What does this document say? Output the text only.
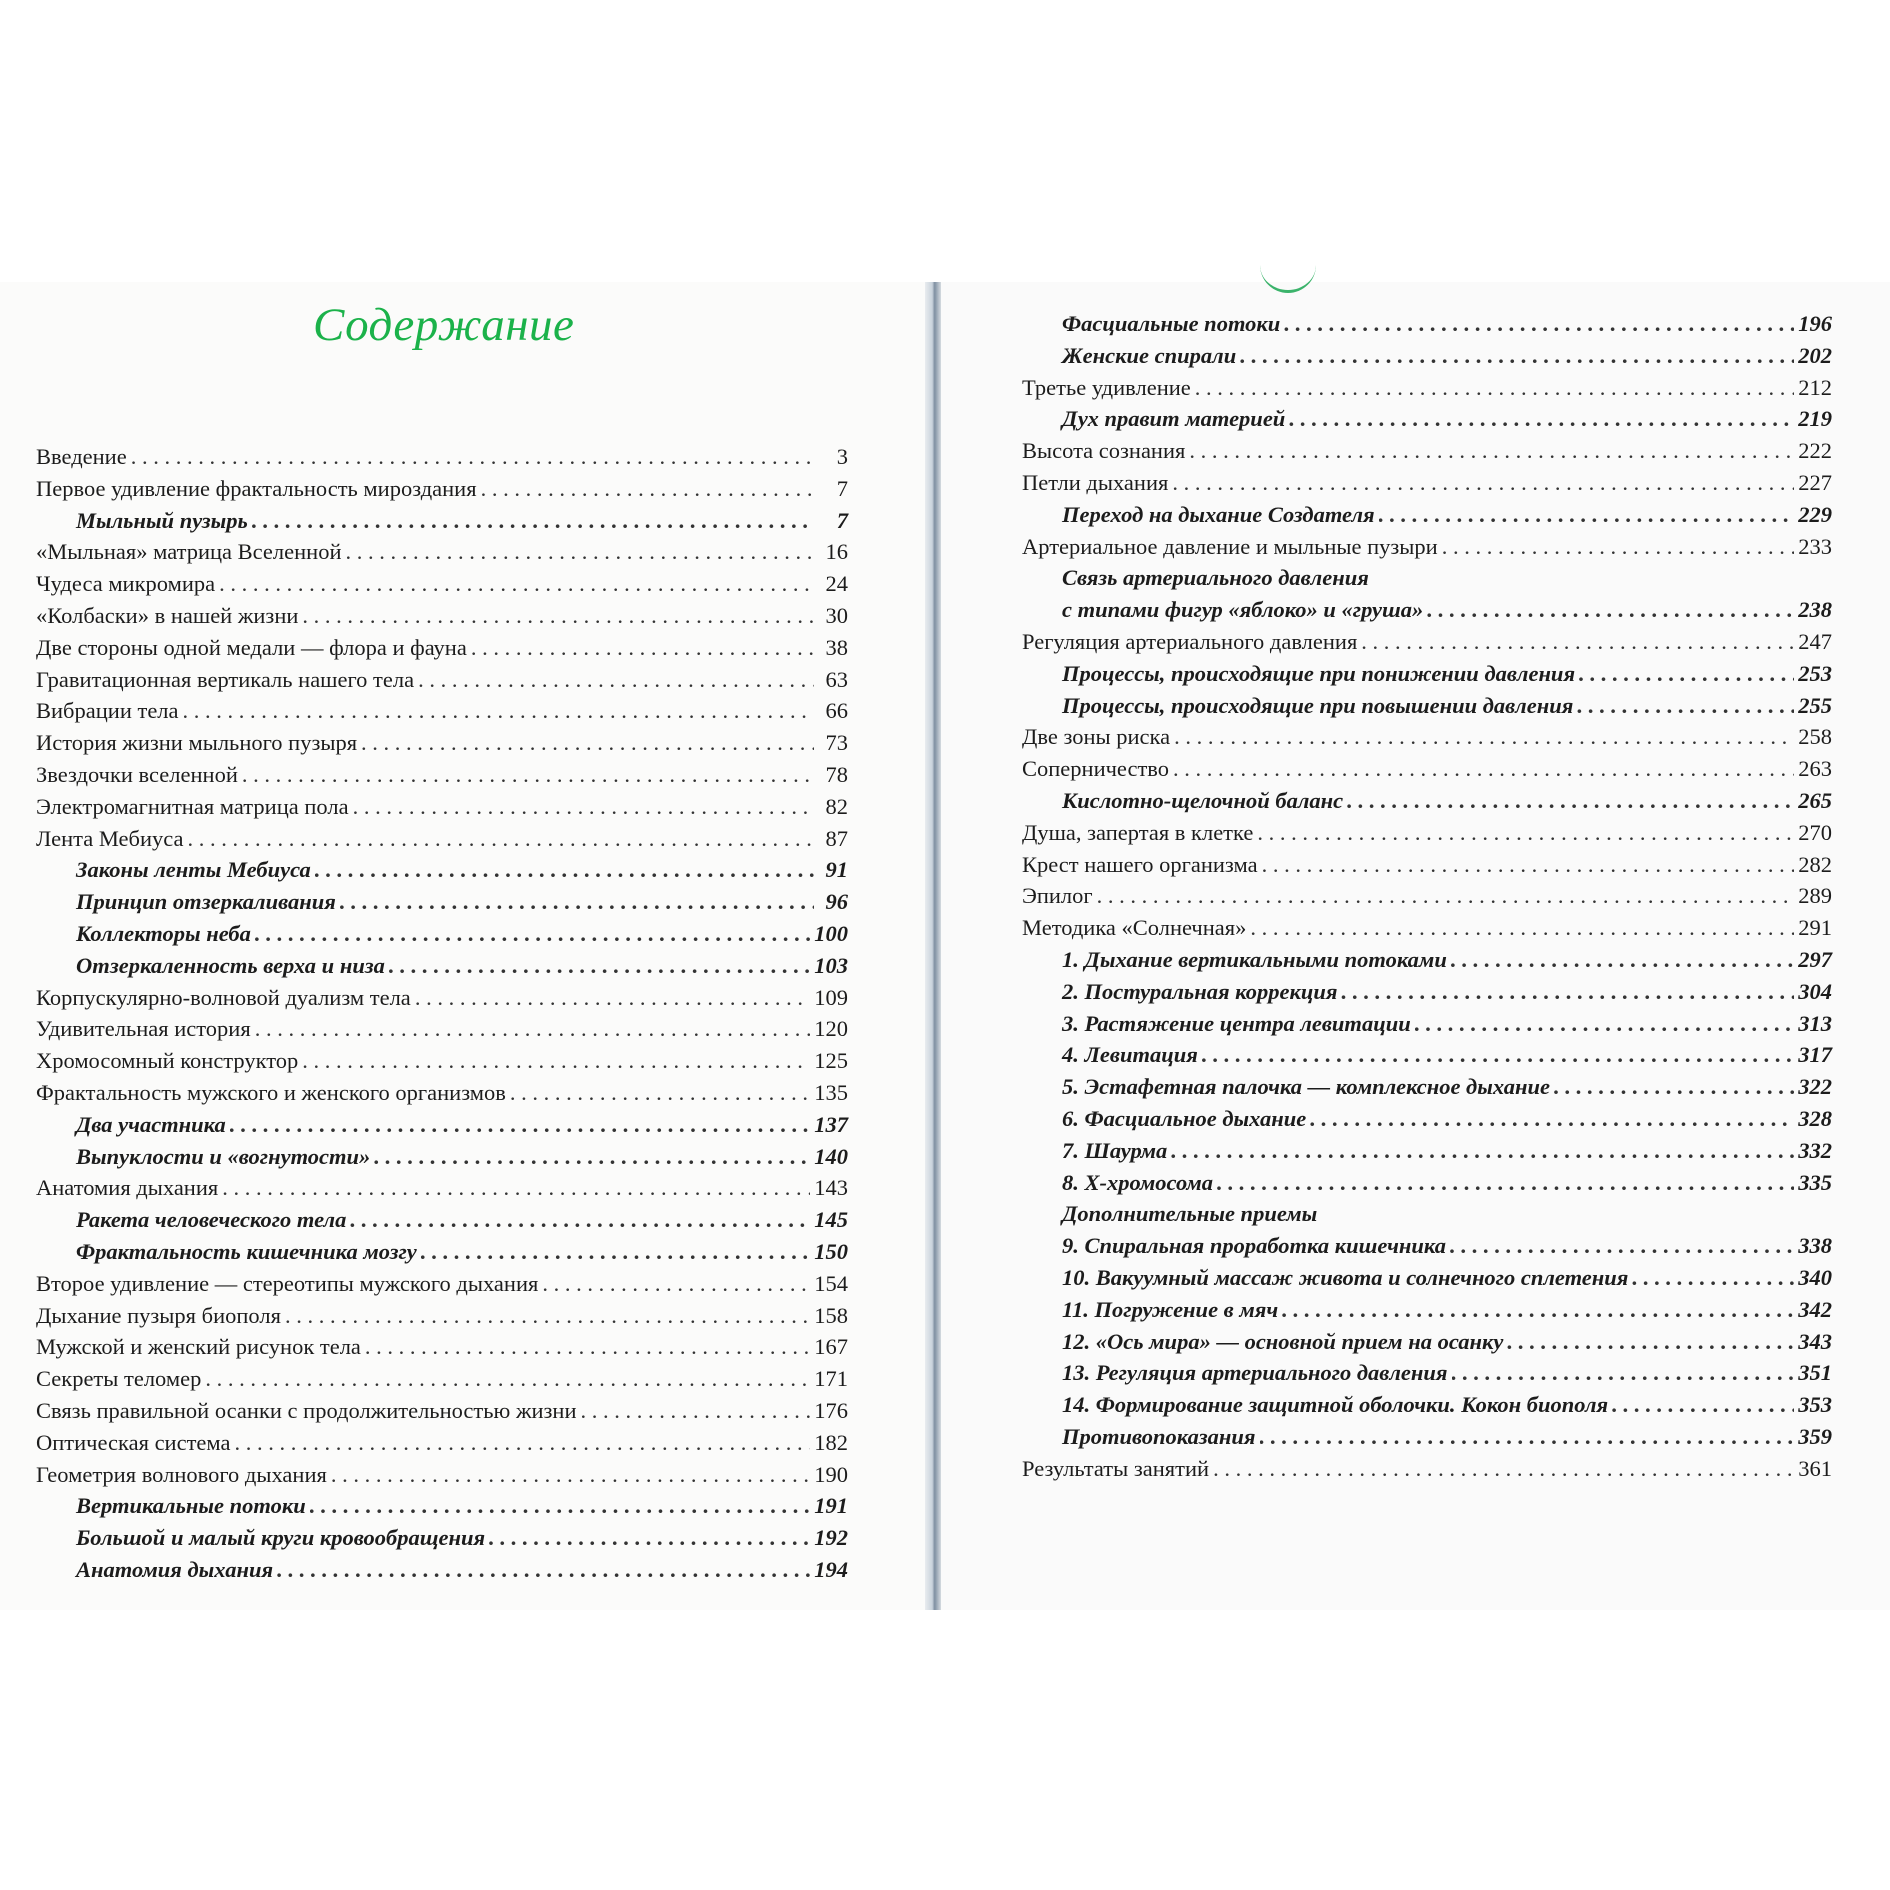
Содержание
Введение . . .	3
Первое удивление фрактальность мироздания . . .	7
Мыльный пузырь . . .	7
«Мыльная» матрица Вселенной . . .	16
Чудеса микромира . . .	24
«Колбаски» в нашей жизни . . .	30
Две стороны одной медали — флора и фауна . . .	38
Гравитационная вертикаль нашего тела . . .	63
Вибрации тела . . .	66
История жизни мыльного пузыря . . .	73
Звездочки вселенной . . .	78
Электромагнитная матрица пола . . .	82
Лента Мебиуса . . .	87
Законы ленты Мебиуса . . .	91
Принцип отзеркаливания . . .	96
Коллекторы неба . . .	100
Отзеркаленность верха и низа . . .	103
Корпускулярно-волновой дуализм тела . . .	109
Удивительная история . . .	120
Хромосомный конструктор . . .	125
Фрактальность мужского и женского организмов . . .	135
Два участника . . .	137
Выпуклости и «вогнутости» . . .	140
Анатомия дыхания . . .	143
Ракета человеческого тела . . .	145
Фрактальность кишечника мозгу . . .	150
Второе удивление — стереотипы мужского дыхания . . .	154
Дыхание пузыря биополя . . .	158
Мужской и женский рисунок тела . . .	167
Секреты теломер . . .	171
Связь правильной осанки с продолжительностью жизни . . .	176
Оптическая система . . .	182
Геометрия волнового дыхания . . .	190
Вертикальные потоки . . .	191
Большой и малый круги кровообращения . . .	192
Анатомия дыхания . . .	194
Фасциальные потоки . . .	196
Женские спирали . . .	202
Третье удивление . . .	212
Дух правит материей . . .	219
Высота сознания . . .	222
Петли дыхания . . .	227
Переход на дыхание Создателя . . .	229
Артериальное давление и мыльные пузыри . . .	233
Связь артериального давления
с типами фигур «яблоко» и «груша» . . .	238
Регуляция артериального давления . . .	247
Процессы, происходящие при понижении давления . . .	253
Процессы, происходящие при повышении давления . . .	255
Две зоны риска . . .	258
Соперничество . . .	263
Кислотно-щелочной баланс . . .	265
Душа, запертая в клетке . . .	270
Крест нашего организма . . .	282
Эпилог . . .	289
Методика «Солнечная» . . .	291
1. Дыхание вертикальными потоками . . .	297
2. Постуральная коррекция . . .	304
3. Растяжение центра левитации . . .	313
4. Левитация . . .	317
5. Эстафетная палочка — комплексное дыхание . . .	322
6. Фасциальное дыхание . . .	328
7. Шаурма . . .	332
8. Х-хромосома . . .	335
Дополнительные приемы
9. Спиральная проработка кишечника . . .	338
10. Вакуумный массаж живота и солнечного сплетения . . .	340
11. Погружение в мяч . . .	342
12. «Ось мира» — основной прием на осанку . . .	343
13. Регуляция артериального давления . . .	351
14. Формирование защитной оболочки. Кокон биополя . . .	353
Противопоказания . . .	359
Результаты занятий . . .	361
